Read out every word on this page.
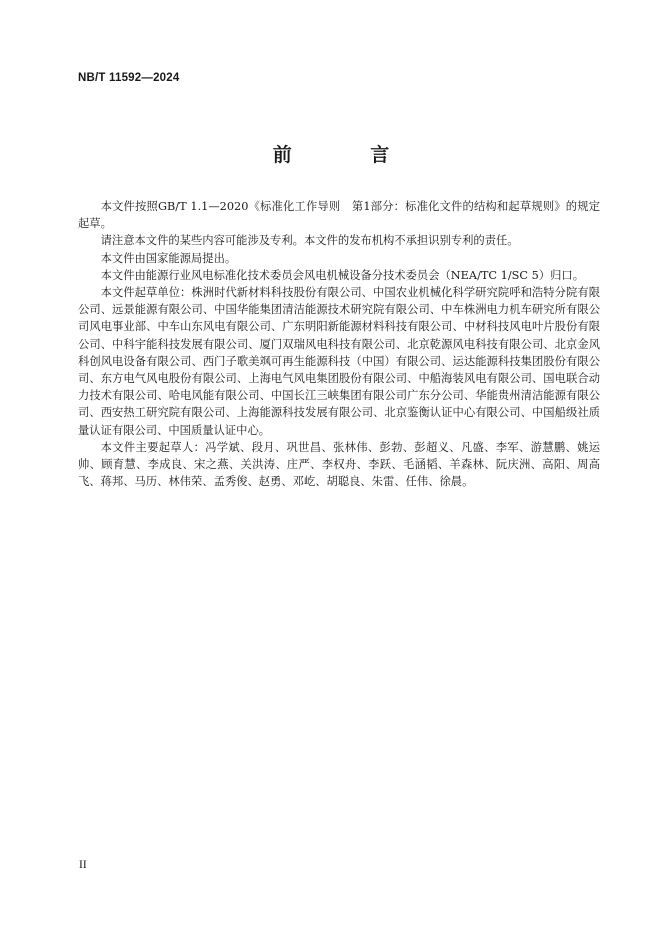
NB/T 11592—2024
前 言

本文件按照GB/T 1.1—2020《标准化工作导则　第1部分：标准化文件的结构和起草规则》的规定起草。

请注意本文件的某些内容可能涉及专利。本文件的发布机构不承担识别专利的责任。

本文件由国家能源局提出。

本文件由能源行业风电标准化技术委员会风电机械设备分技术委员会（NEA/TC 1/SC 5）归口。

本文件起草单位：株洲时代新材料科技股份有限公司、中国农业机械化科学研究院呼和浩特分院有限公司、远景能源有限公司、中国华能集团清洁能源技术研究院有限公司、中车株洲电力机车研究所有限公司风电事业部、中车山东风电有限公司、广东明阳新能源材料科技有限公司、中材科技风电叶片股份有限公司、中科宇能科技发展有限公司、厦门双瑞风电科技有限公司、北京乾源风电科技有限公司、北京金风科创风电设备有限公司、西门子歌美飒可再生能源科技（中国）有限公司、运达能源科技集团股份有限公司、东方电气风电股份有限公司、上海电气风电集团股份有限公司、中船海装风电有限公司、国电联合动力技术有限公司、哈电风能有限公司、中国长江三峡集团有限公司广东分公司、华能贵州清洁能源有限公司、西安热工研究院有限公司、上海能源科技发展有限公司、北京鉴衡认证中心有限公司、中国船级社质量认证有限公司、中国质量认证中心。

本文件主要起草人：冯学斌、段月、巩世昌、张林伟、彭勃、彭超义、凡盛、李军、游慧鹏、姚运帅、顾育慧、李成良、宋之燕、关洪涛、庄严、李权舟、李跃、毛涵韬、羊森林、阮庆洲、高阳、周高飞、蒋邦、马历、林伟荣、孟秀俊、赵勇、邓屹、胡聪良、朱雷、任伟、徐晨。

II
